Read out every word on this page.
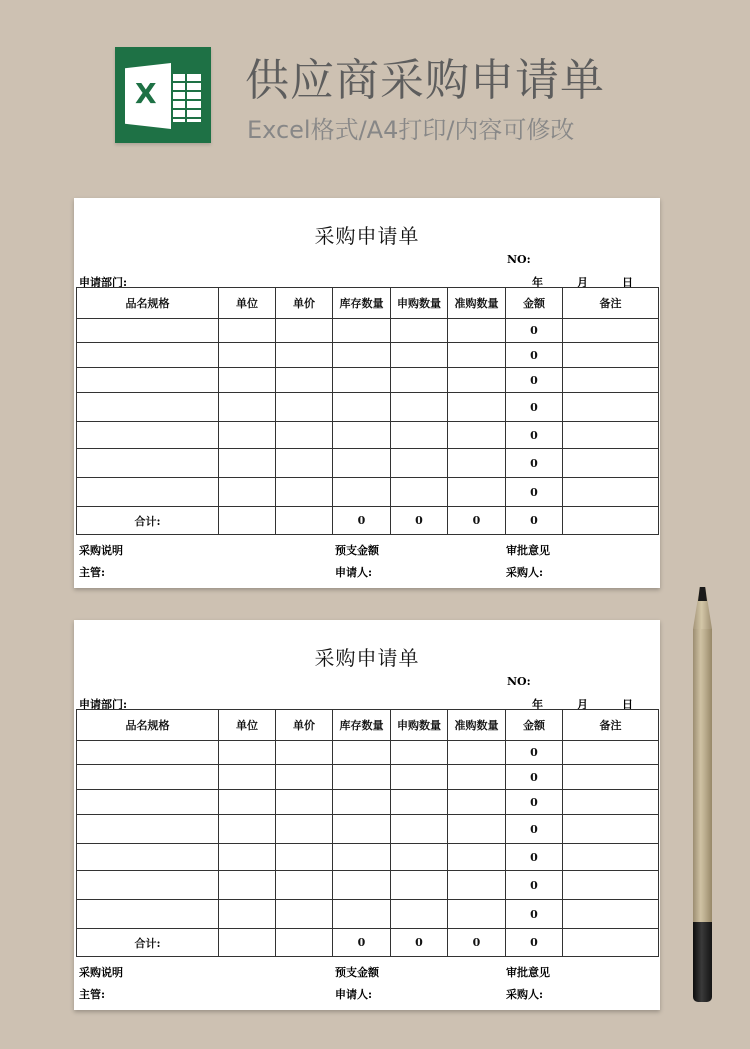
X 供应商采购申请单
Excel格式/A4打印/内容可修改
采购申请单
NO:
申请部门:	年	月	日
品名规格	单位	单价	库存数量	申购数量	准购数量	金额	备注
						0	
						0	
						0	
						0	
						0	
						0	
						0	
合计:			0	0	0	0	
采购说明	预支金额	审批意见
主管:	申请人:	采购人:
采购申请单
NO:
申请部门:	年	月	日
品名规格	单位	单价	库存数量	申购数量	准购数量	金额	备注
						0	
						0	
						0	
						0	
						0	
						0	
						0	
合计:			0	0	0	0	
采购说明	预支金额	审批意见
主管:	申请人:	采购人:
